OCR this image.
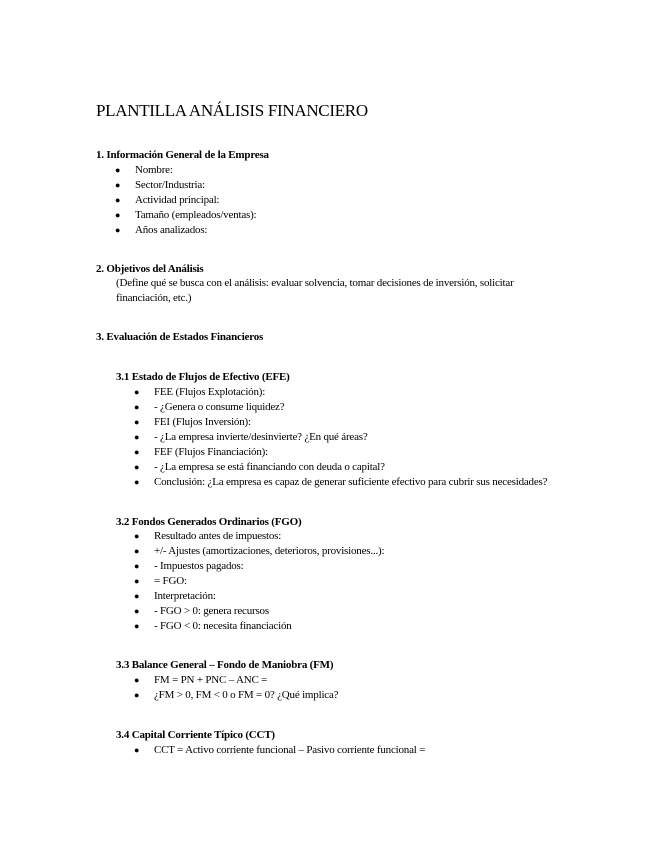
PLANTILLA ANÁLISIS FINANCIERO
1. Información General de la Empresa
● Nombre:
● Sector/Industria:
● Actividad principal:
● Tamaño (empleados/ventas):
● Años analizados:
2. Objetivos del Análisis

(Define qué se busca con el análisis: evaluar solvencia, tomar decisiones de inversión, solicitar financiación, etc.)

3. Evaluación de Estados Financieros
3.1 Estado de Flujos de Efectivo (EFE)
● FEE (Flujos Explotación):
● - ¿Genera o consume liquidez?
● FEI (Flujos Inversión):
● - ¿La empresa invierte/desinvierte? ¿En qué áreas?
● FEF (Flujos Financiación):
● - ¿La empresa se está financiando con deuda o capital?
● Conclusión: ¿La empresa es capaz de generar suficiente efectivo para cubrir sus necesidades?
3.2 Fondos Generados Ordinarios (FGO)
● Resultado antes de impuestos:
● +/- Ajustes (amortizaciones, deterioros, provisiones...):
● - Impuestos pagados:
● = FGO:
● Interpretación:
● - FGO > 0: genera recursos
● - FGO < 0: necesita financiación
3.3 Balance General – Fondo de Maniobra (FM)
● FM = PN + PNC – ANC =
● ¿FM > 0, FM < 0 o FM = 0? ¿Qué implica?
3.4 Capital Corriente Típico (CCT)
● CCT = Activo corriente funcional – Pasivo corriente funcional =
